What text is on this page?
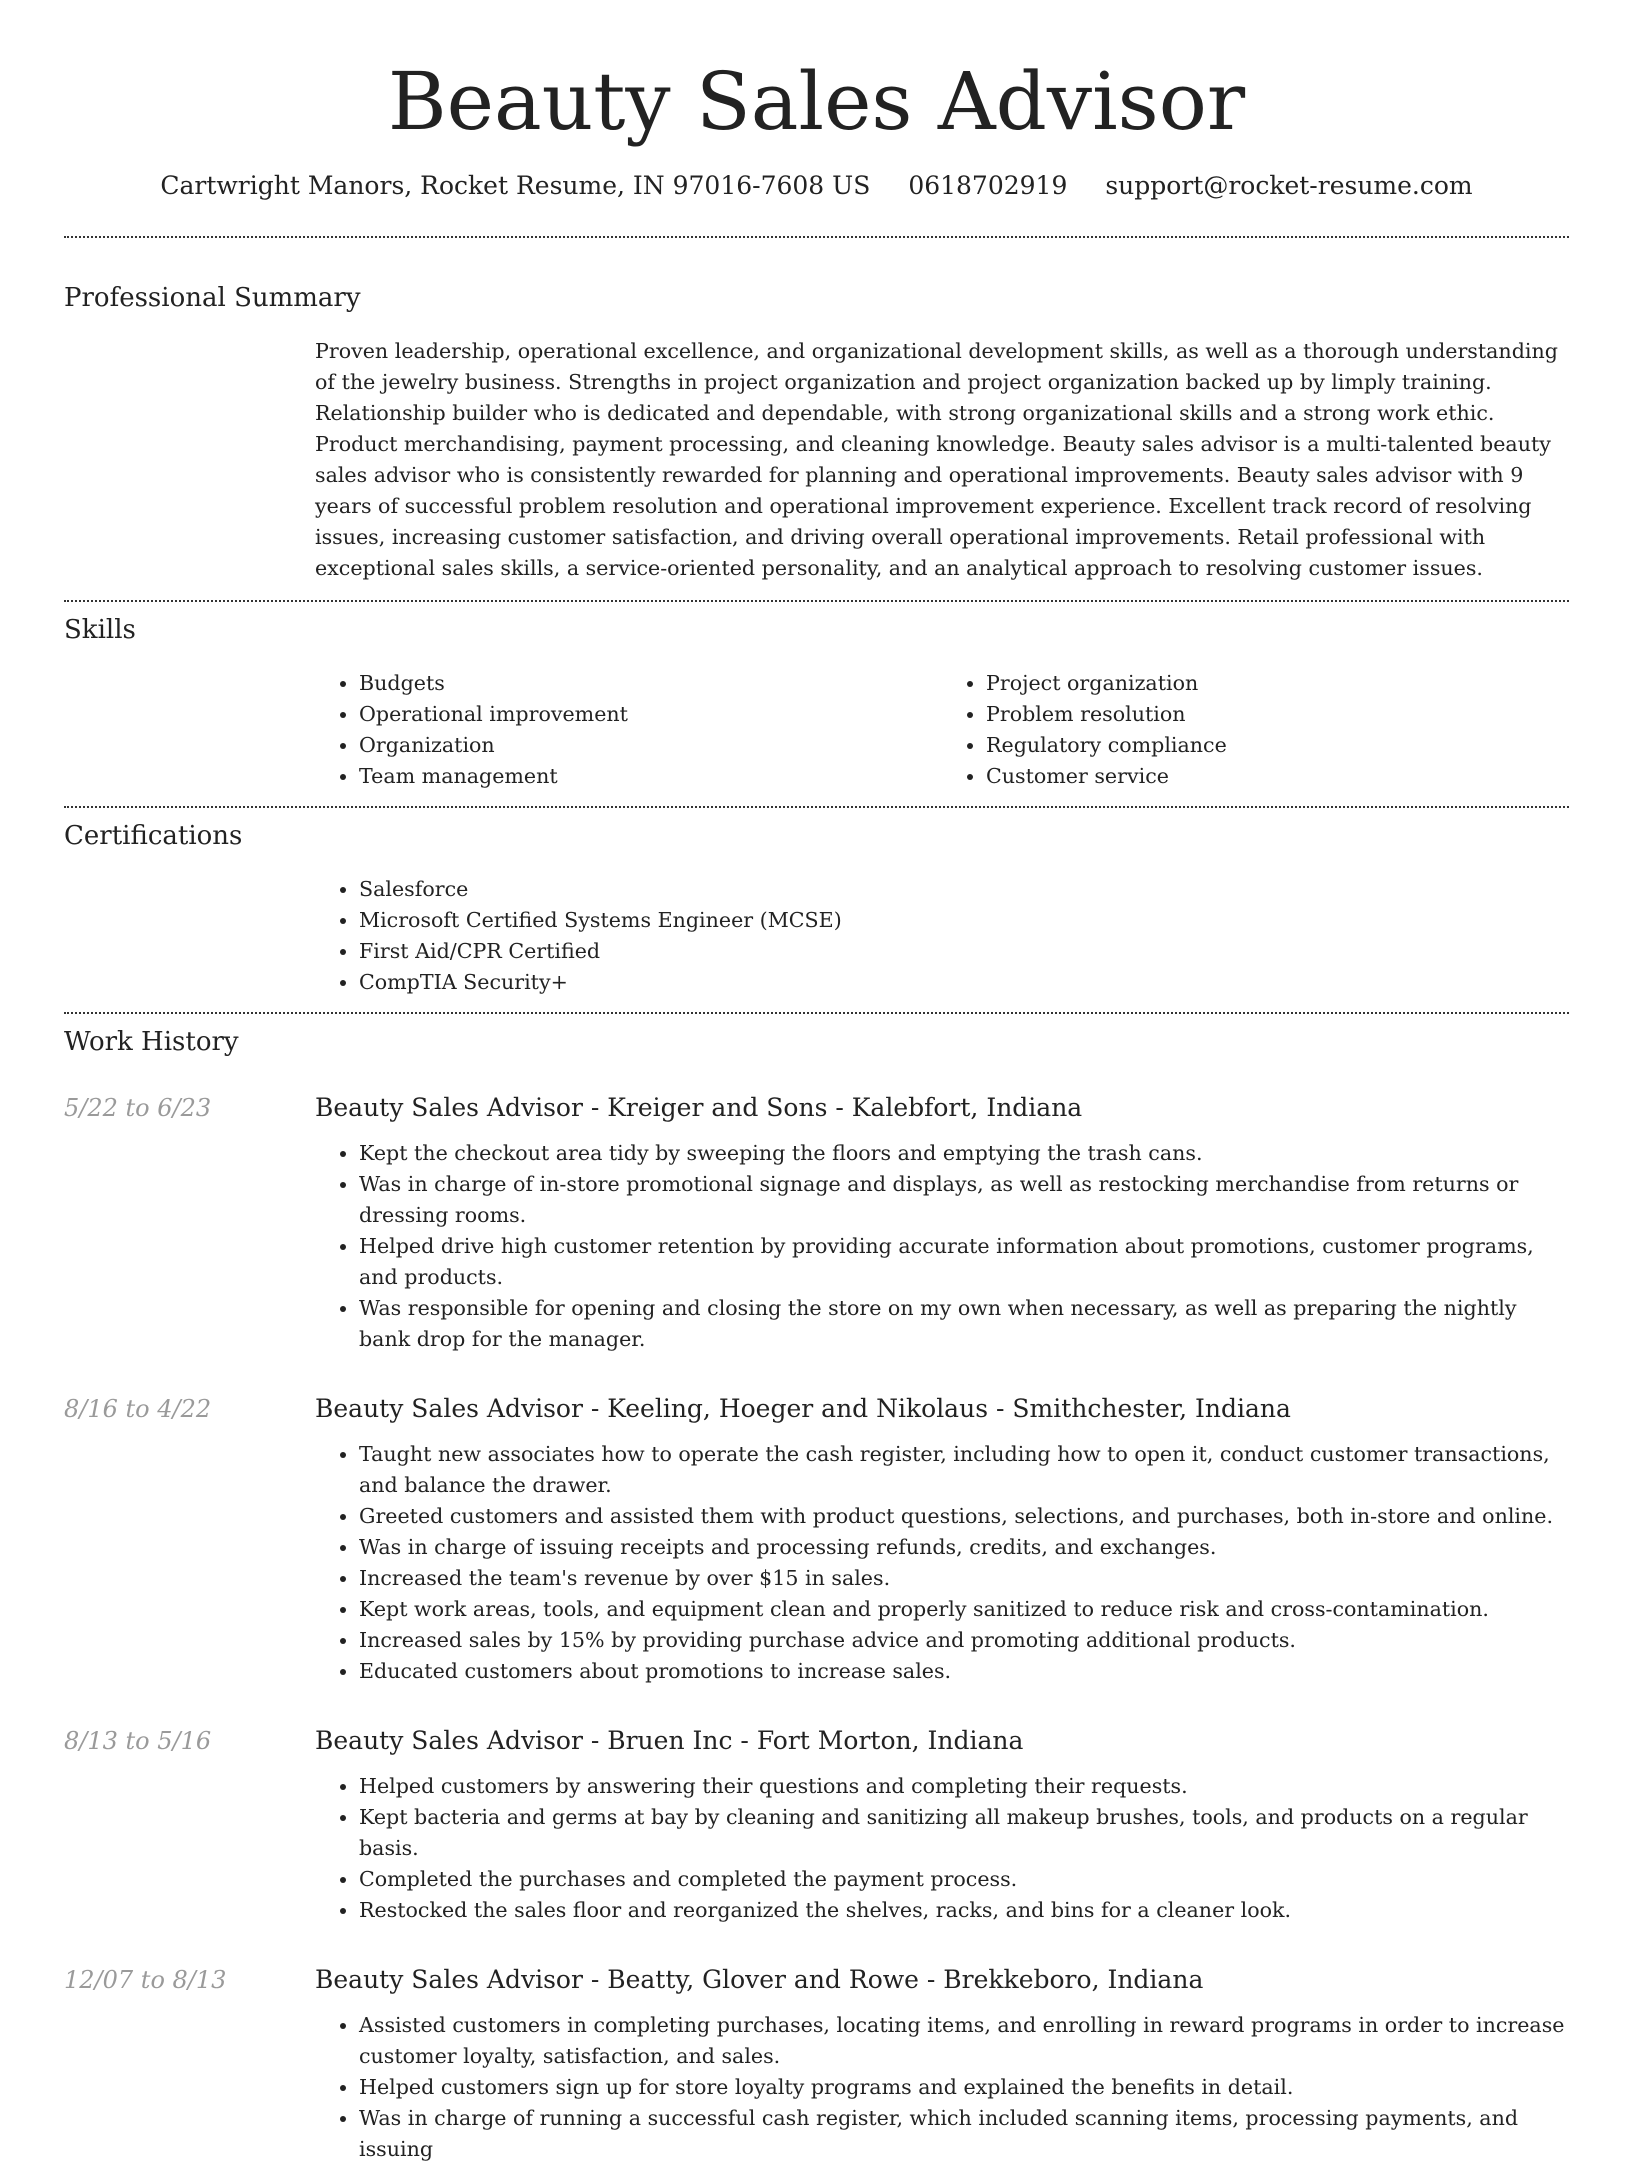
Beauty Sales Advisor
Cartwright Manors, Rocket Resume, IN 97016-7608 US 0618702919 support@rocket-resume.com
Professional Summary
Proven leadership, operational excellence, and organizational development skills, as well as a thorough understanding of the jewelry business. Strengths in project organization and project organization backed up by limply training. Relationship builder who is dedicated and dependable, with strong organizational skills and a strong work ethic. Product merchandising, payment processing, and cleaning knowledge. Beauty sales advisor is a multi-talented beauty sales advisor who is consistently rewarded for planning and operational improvements. Beauty sales advisor with 9 years of successful problem resolution and operational improvement experience. Excellent track record of resolving issues, increasing customer satisfaction, and driving overall operational improvements. Retail professional with exceptional sales skills, a service-oriented personality, and an analytical approach to resolving customer issues.
Skills
• Budgets
• Operational improvement
• Organization
• Team management
• Project organization
• Problem resolution
• Regulatory compliance
• Customer service
Certifications
• Salesforce
• Microsoft Certified Systems Engineer (MCSE)
• First Aid/CPR Certified
• CompTIA Security+
Work History
5/22 to 6/23	Beauty Sales Advisor - Kreiger and Sons - Kalebfort, Indiana
• Kept the checkout area tidy by sweeping the floors and emptying the trash cans.
• Was in charge of in-store promotional signage and displays, as well as restocking merchandise from returns or dressing rooms.
• Helped drive high customer retention by providing accurate information about promotions, customer programs, and products.
• Was responsible for opening and closing the store on my own when necessary, as well as preparing the nightly bank drop for the manager.
8/16 to 4/22	Beauty Sales Advisor - Keeling, Hoeger and Nikolaus - Smithchester, Indiana
• Taught new associates how to operate the cash register, including how to open it, conduct customer transactions, and balance the drawer.
• Greeted customers and assisted them with product questions, selections, and purchases, both in-store and online.
• Was in charge of issuing receipts and processing refunds, credits, and exchanges.
• Increased the team's revenue by over $15 in sales.
• Kept work areas, tools, and equipment clean and properly sanitized to reduce risk and cross-contamination.
• Increased sales by 15% by providing purchase advice and promoting additional products.
• Educated customers about promotions to increase sales.
8/13 to 5/16	Beauty Sales Advisor - Bruen Inc - Fort Morton, Indiana
• Helped customers by answering their questions and completing their requests.
• Kept bacteria and germs at bay by cleaning and sanitizing all makeup brushes, tools, and products on a regular basis.
• Completed the purchases and completed the payment process.
• Restocked the sales floor and reorganized the shelves, racks, and bins for a cleaner look.
12/07 to 8/13	Beauty Sales Advisor - Beatty, Glover and Rowe - Brekkeboro, Indiana
• Assisted customers in completing purchases, locating items, and enrolling in reward programs in order to increase customer loyalty, satisfaction, and sales.
• Helped customers sign up for store loyalty programs and explained the benefits in detail.
• Was in charge of running a successful cash register, which included scanning items, processing payments, and issuing
